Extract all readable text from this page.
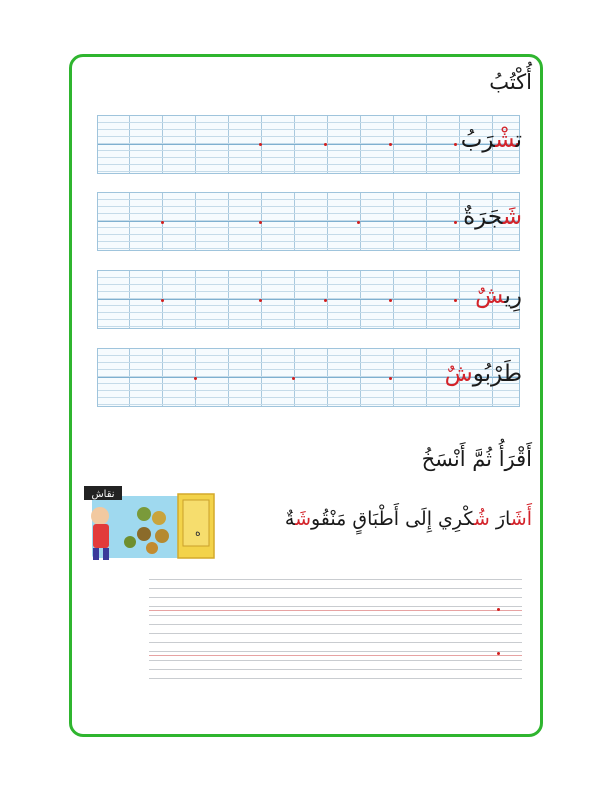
أُكْتُبُ
تشْرَبُ
شَجَرَةٌ
رِيشٌ
طَرْبُوشٌ
أَقْرَأُ ثُمَّ أَنْسَخُ
ه
نقاش
أَشَارَ شُكْرِي إِلَى أَطْبَاقٍ مَنْقُوشَةٌ
